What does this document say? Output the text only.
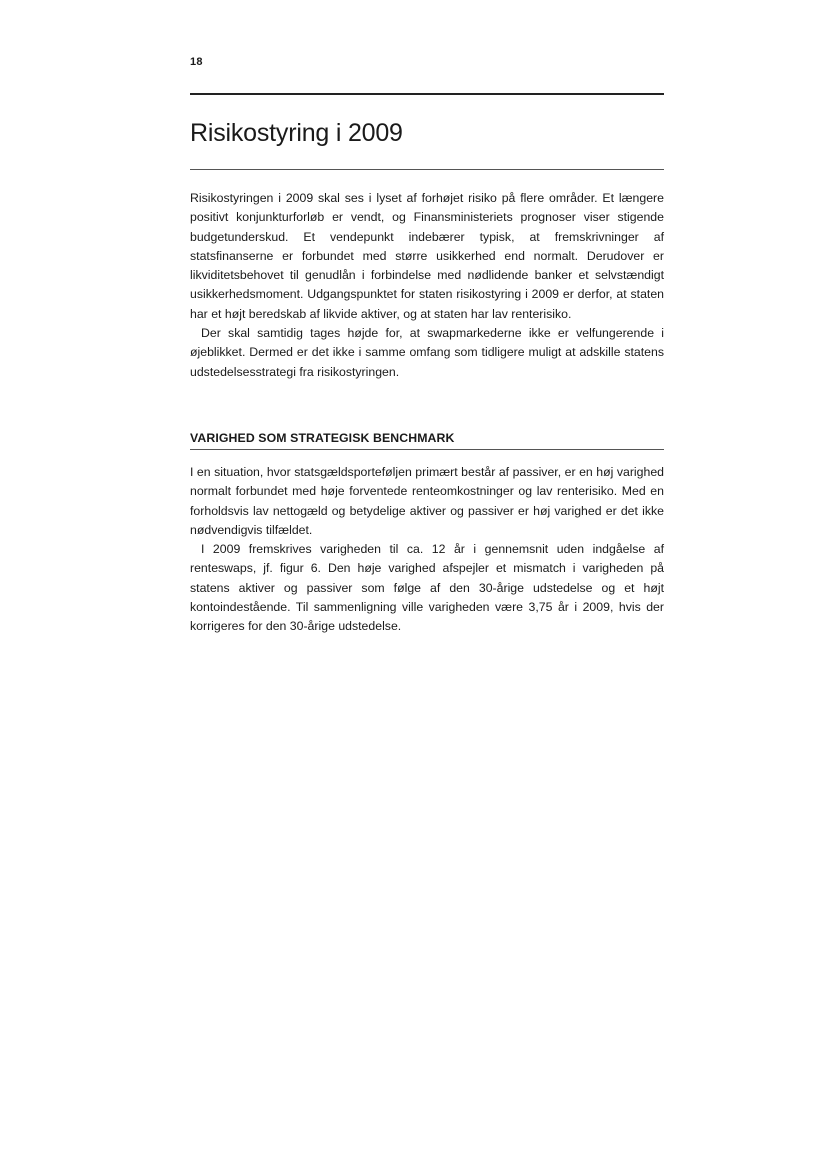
18
Risikostyring i 2009

Risikostyringen i 2009 skal ses i lyset af forhøjet risiko på flere områder. Et længere positivt konjunkturforløb er vendt, og Finansministeriets prognoser viser stigende budgetunderskud. Et vendepunkt indebærer typisk, at fremskrivninger af statsfinanserne er forbundet med større usikkerhed end normalt. Derudover er likviditetsbehovet til genudlån i forbindelse med nødlidende banker et selvstændigt usikkerhedsmoment. Udgangspunktet for staten risikostyring i 2009 er derfor, at staten har et højt beredskab af likvide aktiver, og at staten har lav renterisiko.

Der skal samtidig tages højde for, at swapmarkederne ikke er velfungerende i øjeblikket. Dermed er det ikke i samme omfang som tidligere muligt at adskille statens udstedelsesstrategi fra risikostyringen.

VARIGHED SOM STRATEGISK BENCHMARK

I en situation, hvor statsgældsporteføljen primært består af passiver, er en høj varighed normalt forbundet med høje forventede renteomkostninger og lav renterisiko. Med en forholdsvis lav nettogæld og betydelige aktiver og passiver er høj varighed er det ikke nødvendigvis tilfældet.

I 2009 fremskrives varigheden til ca. 12 år i gennemsnit uden indgåelse af renteswaps, jf. figur 6. Den høje varighed afspejler et mismatch i varigheden på statens aktiver og passiver som følge af den 30-årige udstedelse og et højt kontoindestående. Til sammenligning ville varigheden være 3,75 år i 2009, hvis der korrigeres for den 30-årige udstedelse.
